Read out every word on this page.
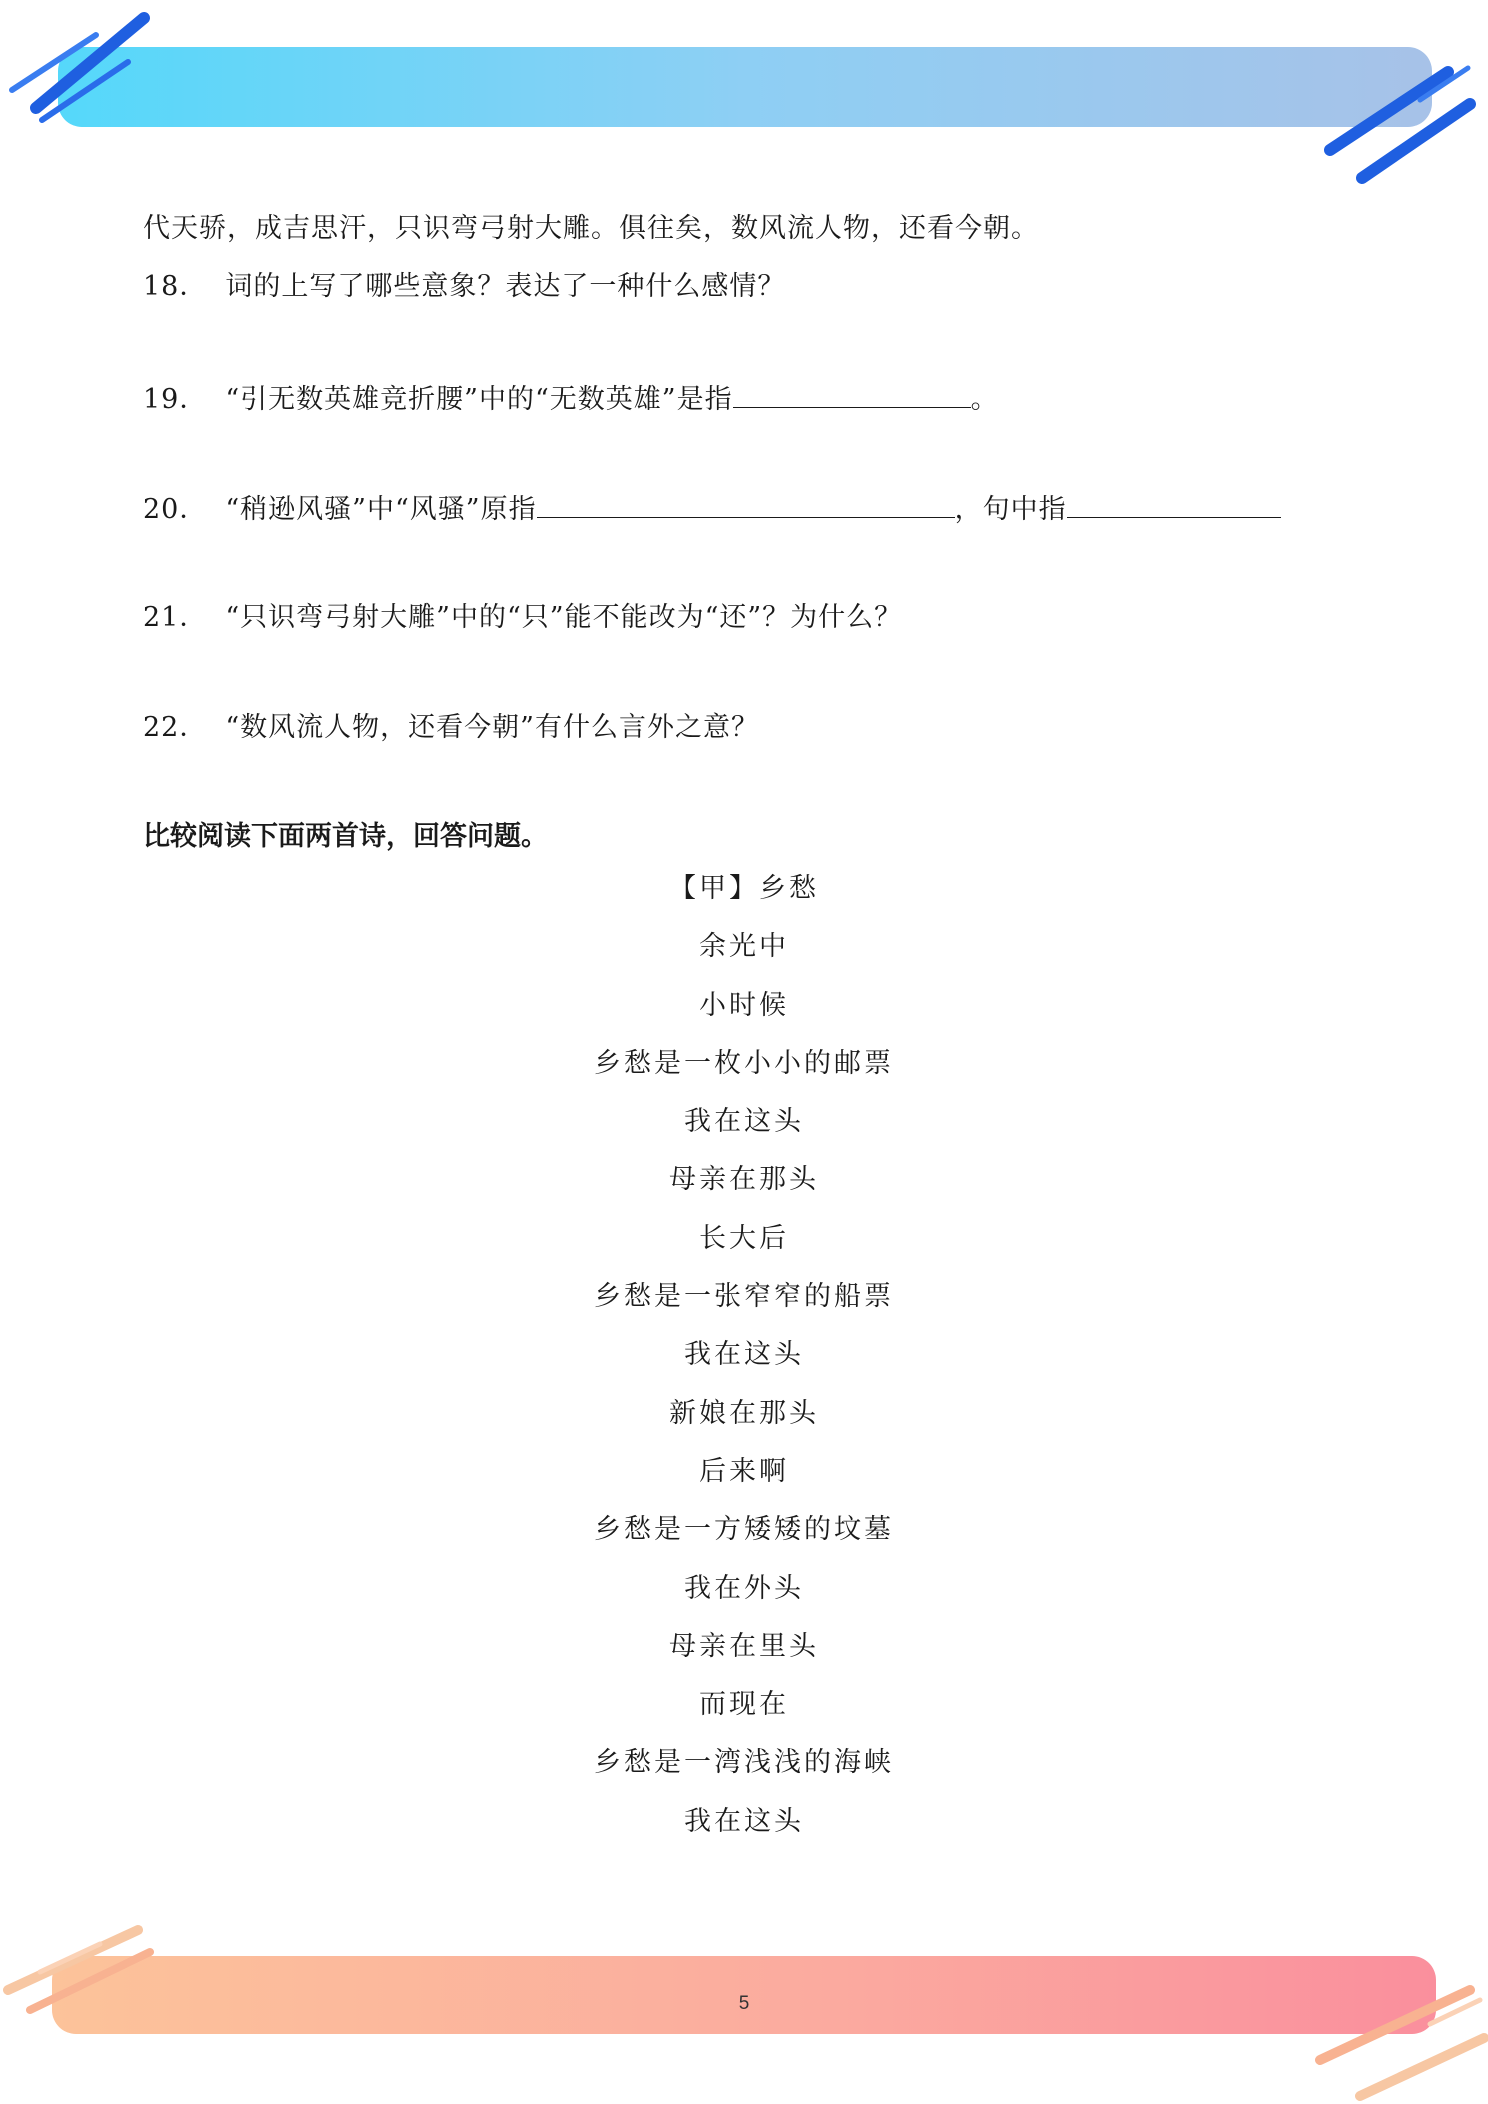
代天骄，成吉思汗，只识弯弓射大雕。俱往矣，数风流人物，还看今朝。
18． 词的上写了哪些意象？表达了一种什么感情？
19． “引无数英雄竞折腰”中的“无数英雄”是指	。
20． “稍逊风骚”中“风骚”原指	，句中指
21． “只识弯弓射大雕”中的“只”能不能改为“还”？为什么？
22． “数风流人物，还看今朝”有什么言外之意？
比较阅读下面两首诗，回答问题。
【甲】乡愁
余光中
小时候
乡愁是一枚小小的邮票
我在这头
母亲在那头
长大后
乡愁是一张窄窄的船票
我在这头
新娘在那头
后来啊
乡愁是一方矮矮的坟墓
我在外头
母亲在里头
而现在
乡愁是一湾浅浅的海峡
我在这头
5
